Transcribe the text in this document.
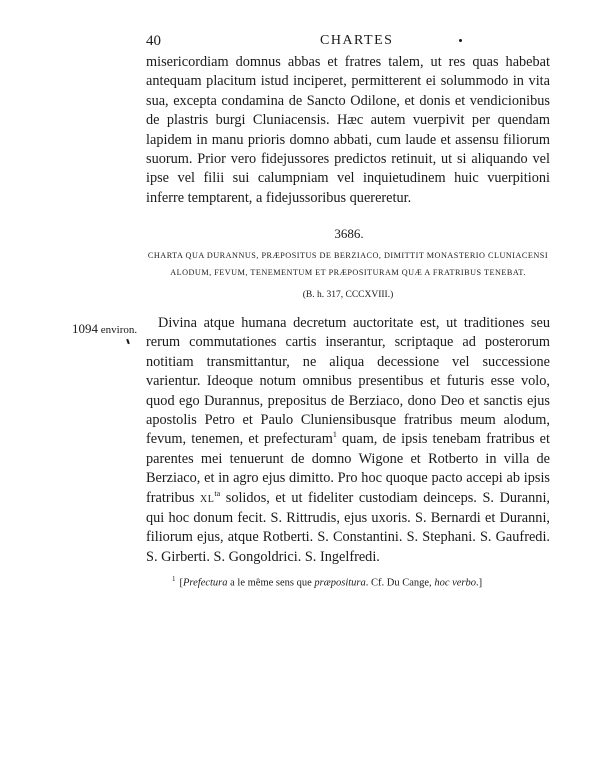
40	CHARTES

misericordiam domnus abbas et fratres talem, ut res quas habebat antequam placitum istud inciperet, permitterent ei solummodo in vita sua, excepta condamina de Sancto Odilone, et donis et vendicionibus de plastris burgi Cluniacensis. Hæc autem vuerpivit per quendam lapidem in manu prioris domno abbati, cum laude et assensu filiorum suorum. Prior vero fidejussores predictos retinuit, ut si aliquando vel ipse vel filii sui calumpniam vel inquietudinem huic vuerpitioni inferre temptarent, a fidejussoribus quereretur.

3686.

CHARTA QUA DURANNUS, PRÆPOSITUS DE BERZIACO, DIMITTIT MONASTERIO CLUNIACENSI
ALODUM, FEVUM, TENEMENTUM ET PRÆPOSITURAM QUÆ A FRATRIBUS TENEBAT.

(B. h. 317, CCCXVIII.)
1094 environ.	Divina atque humana decretum auctoritate est, ut traditiones seu rerum commutationes cartis inserantur, scriptaque ad posterorum notitiam transmittantur, ne aliqua decessione vel successione varientur. Ideoque notum omnibus presentibus et futuris esse volo, quod ego Durannus, prepositus de Berziaco, dono Deo et sanctis ejus apostolis Petro et Paulo Cluniensibusque fratribus meum alodum, fevum, tenemen, et prefecturam$^1$ quam, de ipsis tenebam fratribus et parentes mei tenuerunt de domno Wigone et Rotberto in villa de Berziaco, et in agro ejus dimitto. Pro hoc quoque pacto accepi ab ipsis fratribus $XL^{ta}$ solidos, et ut fideliter custodiam deinceps. S. Duranni, qui hoc donum fecit. S. Rittrudis, ejus uxoris. S. Bernardi et Duranni, filiorum ejus, atque Rotberti. S. Constantini. S. Stephani. S. Gaufredi. S. Girberti. S. Gongoldrici. S. Ingelfredi.

$^1$ [Prefectura a le même sens que præpositura. Cf. Du Cange, hoc verbo.]
